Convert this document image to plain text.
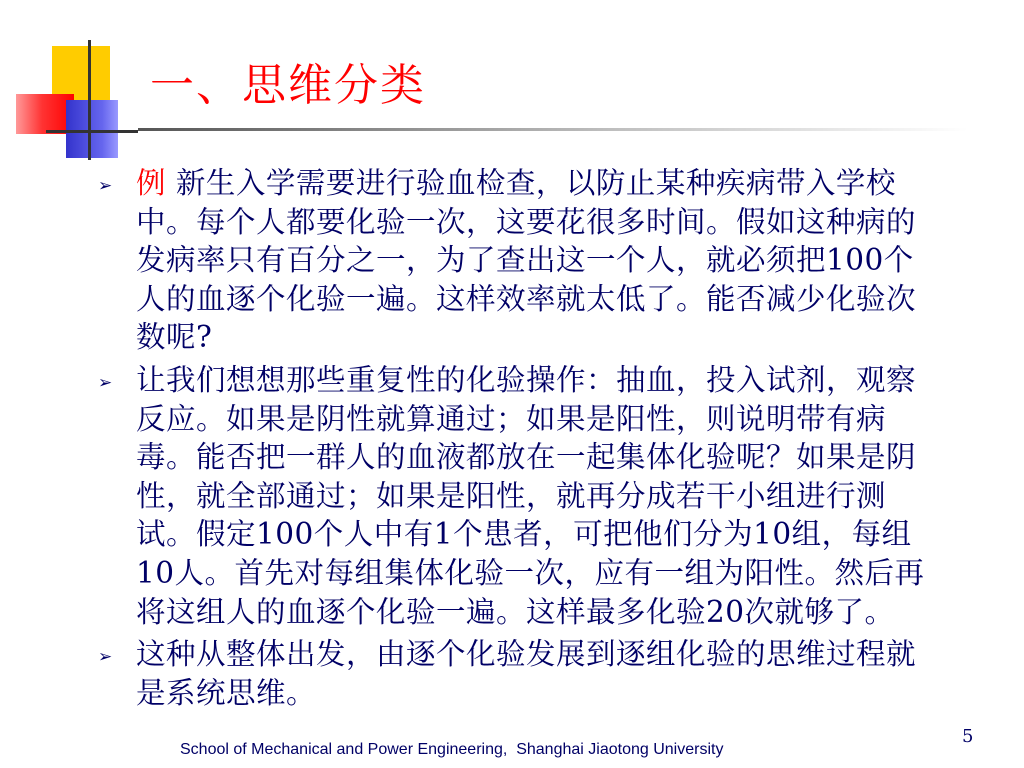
一、思维分类
➢ 例 新生入学需要进行验血检查，以防止某种疾病带入学校中。每个人都要化验一次，这要花很多时间。假如这种病的发病率只有百分之一，为了查出这一个人，就必须把100个人的血逐个化验一遍。这样效率就太低了。能否减少化验次数呢?
➢ 让我们想想那些重复性的化验操作：抽血，投入试剂，观察反应。如果是阴性就算通过；如果是阳性，则说明带有病毒。能否把一群人的血液都放在一起集体化验呢？如果是阴性，就全部通过；如果是阳性，就再分成若干小组进行测试。假定100个人中有1个患者，可把他们分为10组，每组10人。首先对每组集体化验一次，应有一组为阳性。然后再将这组人的血逐个化验一遍。这样最多化验20次就够了。
➢ 这种从整体出发，由逐个化验发展到逐组化验的思维过程就是系统思维。
5
School of Mechanical and Power Engineering,  Shanghai Jiaotong University
